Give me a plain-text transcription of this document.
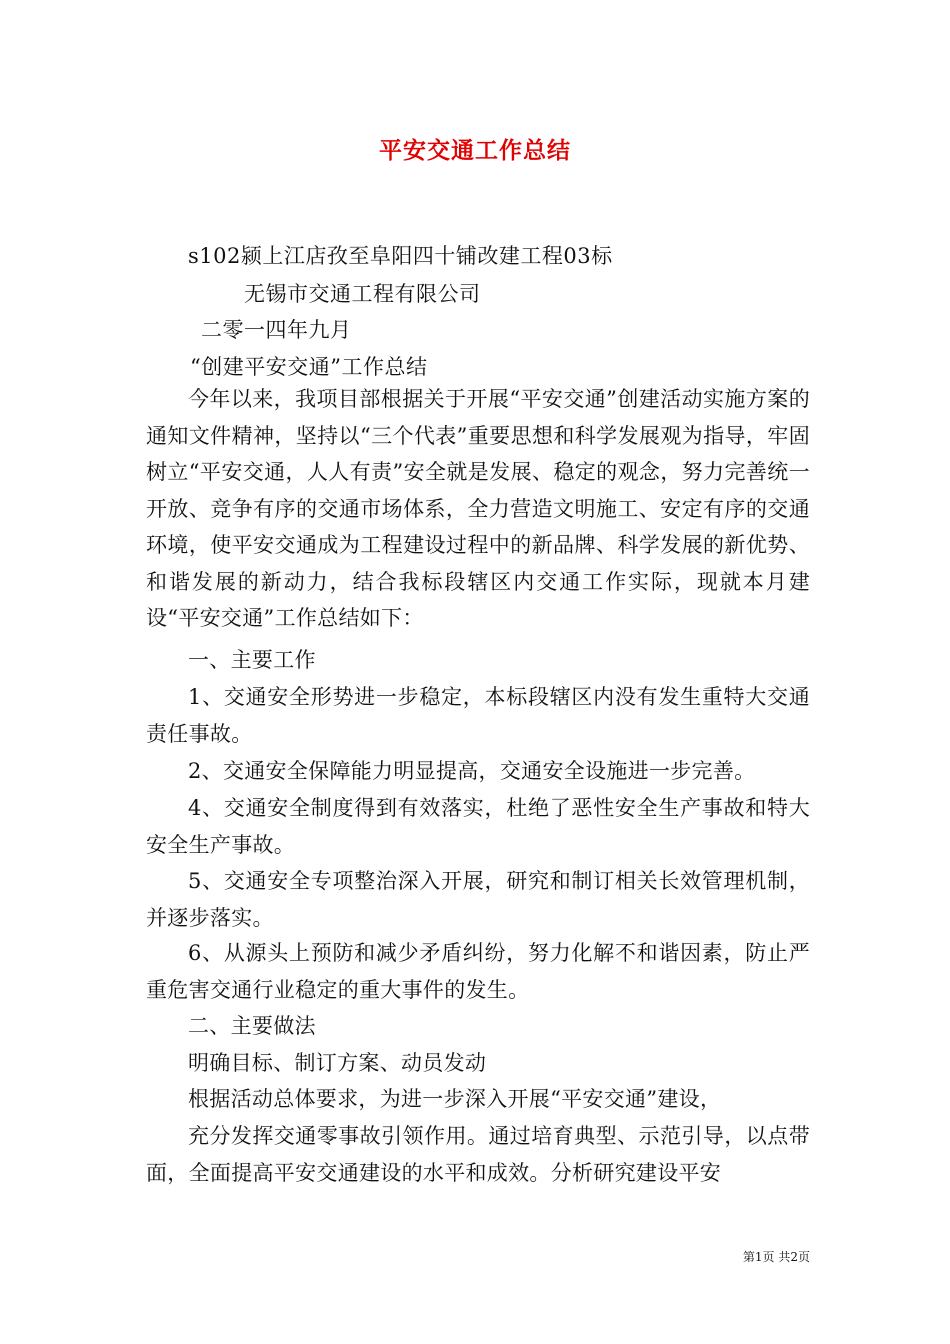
平安交通工作总结
s102颍上江店孜至阜阳四十铺改建工程03标
无锡市交通工程有限公司
二零一四年九月
“创建平安交通”工作总结
今年以来，我项目部根据关于开展“平安交通”创建活动实施方案的通知文件精神，坚持以“三个代表”重要思想和科学发展观为指导，牢固树立“平安交通，人人有责”安全就是发展、稳定的观念，努力完善统一开放、竞争有序的交通市场体系，全力营造文明施工、安定有序的交通环境，使平安交通成为工程建设过程中的新品牌、科学发展的新优势、和谐发展的新动力，结合我标段辖区内交通工作实际，现就本月建设“平安交通”工作总结如下：
一、主要工作
1、交通安全形势进一步稳定，本标段辖区内没有发生重特大交通责任事故。
2、交通安全保障能力明显提高，交通安全设施进一步完善。
4、交通安全制度得到有效落实，杜绝了恶性安全生产事故和特大安全生产事故。
5、交通安全专项整治深入开展，研究和制订相关长效管理机制，并逐步落实。
6、从源头上预防和减少矛盾纠纷，努力化解不和谐因素，防止严重危害交通行业稳定的重大事件的发生。
二、主要做法
明确目标、制订方案、动员发动
根据活动总体要求，为进一步深入开展“平安交通”建设，
充分发挥交通零事故引领作用。通过培育典型、示范引导，以点带面，全面提高平安交通建设的水平和成效。分析研究建设平安
第1页 共2页
